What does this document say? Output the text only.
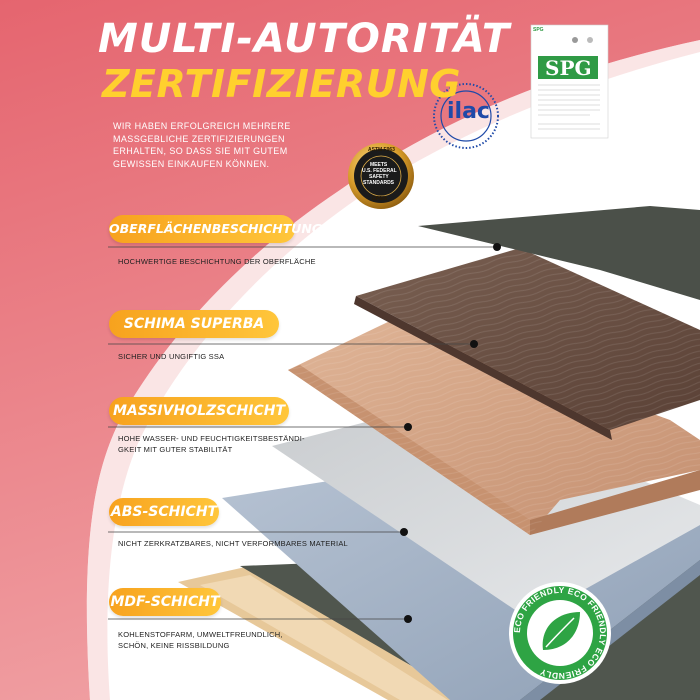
MULTI-AUTORITÄT
ZERTIFIZIERUNG

WIR HABEN ERFOLGREICH MEHRERE MASSGEBLICHE ZERTIFIZIERUNGEN ERHALTEN, SO DASS SIE MIT GUTEM GEWISSEN EINKAUFEN KÖNNEN.

ASTM F963
MEETS
U.S. FEDERAL
SAFETY
STANDARDS
CPSIA
ilac
SPG
SPG
ECO FRIENDLY ECO FRIENDLY ECO FRIENDLY
OBERFLÄCHENBESCHICHTUNG
HOCHWERTIGE BESCHICHTUNG DER OBERFLÄCHE
SCHIMA SUPERBA
SICHER UND UNGIFTIG SSA
MASSIVHOLZSCHICHT
HOHE WASSER- UND FEUCHTIGKEITSBESTÄNDI-GKEIT MIT GUTER STABILITÄT
ABS-SCHICHT
NICHT ZERKRATZBARES, NICHT VERFORMBARES MATERIAL
MDF-SCHICHT
KOHLENSTOFFARM, UMWELTFREUNDLICH, SCHÖN, KEINE RISSBILDUNG
